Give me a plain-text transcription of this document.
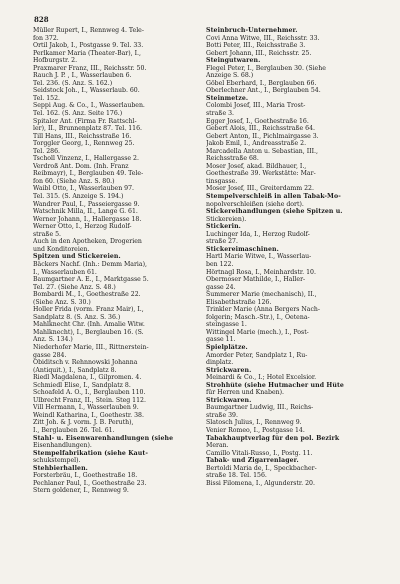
828
Müller Rupert, I., Rennweg 4. Tele-
fon 372.
Ortil Jakob, I., Postgasse 9. Tel. 33.
Perlkamer Maria (Theater-Bar), I.,
Hofburgstr. 2.
Praxmarer Franz, III., Reichsstr. 50.
Rauch J. P. , I., Wasserlauben 6.
Tel. 236. (S. Anz. S. 162.)
Seidstock Joh., I., Wasserlaub. 60.
Tel. 152.
Seppi Aug. & Co., I., Wasserlauben.
Tel. 162. (S. Anz. Seite 176.)
Spitaler Ant. (Firma Fr. Rattschl-
ler), II., Brunnenplatz 87. Tel. 116.
Till Hans, III., Reichsstraße 16.
Torggler Georg, I., Rennweg 25.
Tel. 286.
Tscholl Vinzenz, I., Hallergasse 2.
Verdroß Ant. Dom. (Inh. Franz
Reibmayr), I., Berglauben 49. Tele-
fon 60. (Siehe Anz. S. 80.)
Waibl Otto, I., Wasserlauben 97.
Tel. 315. (S. Anzeige S. 194.)
Wandrer Paul, I., Passeiergasse 9.
Watschnik Milla, II., Lange G. 61.
Werner Johann, I., Hallergasse 18.
Werner Otto, I., Herzog Rudolf-
straße 5.
Auch in den Apotheken, Drogerien
und Konditoreien.
Spitzen und Stickereien.
Bäckers Nachf. (Inh.: Demm Maria),
I., Wasserlauben 61.
Baumgartner A. E., I., Marktgasse 5.
Tel. 27. (Siehe Anz. S. 48.)
Bombardi M., I., Goethestraße 22.
(Siehe Anz. S. 30.)
Holler Frida (vorm. Franz Mair), I.,
Sandplatz 8. (S. Anz. S. 36.)
Mahlknecht Chr. (Inh. Amalie Witw.
Mahlknecht), I., Berglauben 16. (S.
Anz. S. 134.)
Niederhofer Marie, III., Rittnerstein-
gasse 284.
Obiditsch v. Rehnnowski Johanna
(Antiquit.), I., Sandplatz 8.
Riedl Magdalena, I., Gilpromen. 4.
Schmiedl Elise, I., Sandplatz 8.
Schoafeld A. O., I., Berglauben 110.
Ulbrecht Franz, II., Stein. Steg 112.
Vill Hermann, I., Wasserlauben 9.
Weindl Katharina, I., Goethestr. 38.
Zitt Joh. & J. vorm. J. B. Peruth),
I., Berglauben 26. Tel. 61.
Stahl- u. Eisenwarenhandlungen (siehe
Eisenhandlungen).
Stempelfabrikation (siehe Kaut-
schukstempel).
Stehbierhallen.
Forsterbräu, I., Goethestraße 18.
Pechlaner Paul, I., Goethestraße 23.
Stern goldener, I., Rennweg 9.
Steinbruch-Unternehmer.
Covi Anna Witwe, III., Reichsstr. 33.
Botti Peter, III., Reichsstraße 3.
Gebert Johann, III., Reichsstr. 25.
Steingutwaren.
Flegel Peter, I., Berglauben 30. (Siehe
Anzeige S. 68.)
Göbel Eberhard, I., Berglauben 66.
Oberlechner Ant., I., Berglauben 54.
Steinmetze.
Colombi Josef, III., Maria Trost-
straße 3.
Egger Josef, I., Goethestraße 16.
Gebert Alois, III., Reichsstraße 64.
Gebert Anton, II., Pichlmairgasse 3.
Jakob Emil, I., Andreasstraße 2.
Marcadella Anton u. Sebastian, III.,
Reichsstraße 68.
Moser Josef, akad. Bildhauer, I.,
Goethestraße 39. Werkstätte: Mar-
tinsgasse.
Moser Josef, III., Greiterdamm 22.
Stempelverschleiß in allen Tabak-Mo-
nopolverschleißen (siehe dort).
Stickereihandlungen (siehe Spitzen u.
Stickereien).
Stickerin.
Luchinger Ida, I., Herzog Rudolf-
straße 27.
Stickereimaschinen.
Hartl Marie Witwe, I., Wasserlau-
ben 122.
Hörtnagl Rosa, I., Meinhardstr. 10.
Obermoser Mathilde, I., Haller-
gasse 24.
Summerer Marie (mechanisch), II.,
Elisabethstraße 126.
Trinkler Marie (Anna Bergers Nach-
folgerin; Masch.-Str.), I., Oetena-
steingasse 1.
Wittingel Marie (mech.), I., Post-
gasse 11.
Spielplätze.
Amorder Peter, Sandplatz 1, Ru-
dinplatz.
Strickwaren.
Meinardi & Co., I.; Hotel Excelsior.
Strohhüte (siehe Hutmacher und Hüte
für Herren und Knaben).
Strickwaren.
Baumgartner Ludwig, III., Reichs-
straße 39.
Slatosch Julius, I., Rennweg 9.
Venier Romeo, I., Postgasse 14.
Tabakhauptverlag für den pol. Bezirk
Meran.
Camillo Vitali-Russo, I., Postg. 11.
Tabak- und Zigarrenlager.
Bertoldi Maria de, I., Speckbacher-
straße 18. Tel. 156.
Bissi Filomena, I., Algunderstr. 20.
